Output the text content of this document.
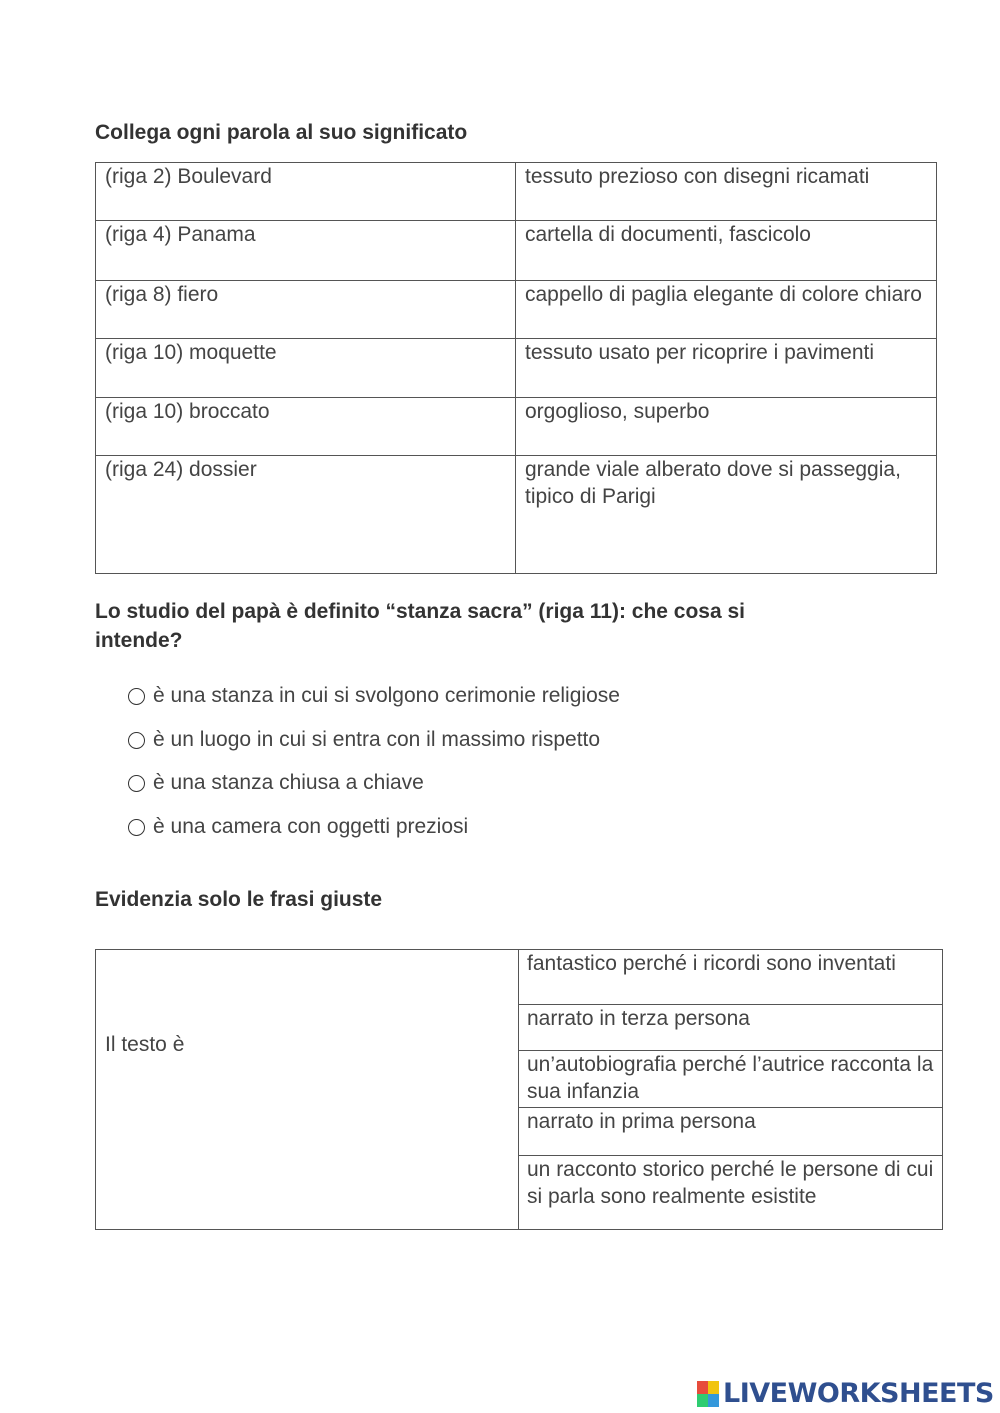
Collega ogni parola al suo significato
(riga 2) Boulevard	tessuto prezioso con disegni ricamati
(riga 4) Panama	cartella di documenti, fascicolo
(riga 8) fiero	cappello di paglia elegante di colore chiaro
(riga 10) moquette	tessuto usato per ricoprire i pavimenti
(riga 10) broccato	orgoglioso, superbo
(riga 24) dossier	grande viale alberato dove si passeggia, tipico di Parigi
Lo studio del papà è definito “stanza sacra” (riga 11): che cosa si
intende?
è una stanza in cui si svolgono cerimonie religiose
è un luogo in cui si entra con il massimo rispetto
è una stanza chiusa a chiave
è una camera con oggetti preziosi
Evidenzia solo le frasi giuste
Il testo è
fantastico perché i ricordi sono inventati
narrato in terza persona
un’autobiografia perché l’autrice racconta la sua infanzia
narrato in prima persona
un racconto storico perché le persone di cui si parla sono realmente esistite
LIVEWORKSHEETS
